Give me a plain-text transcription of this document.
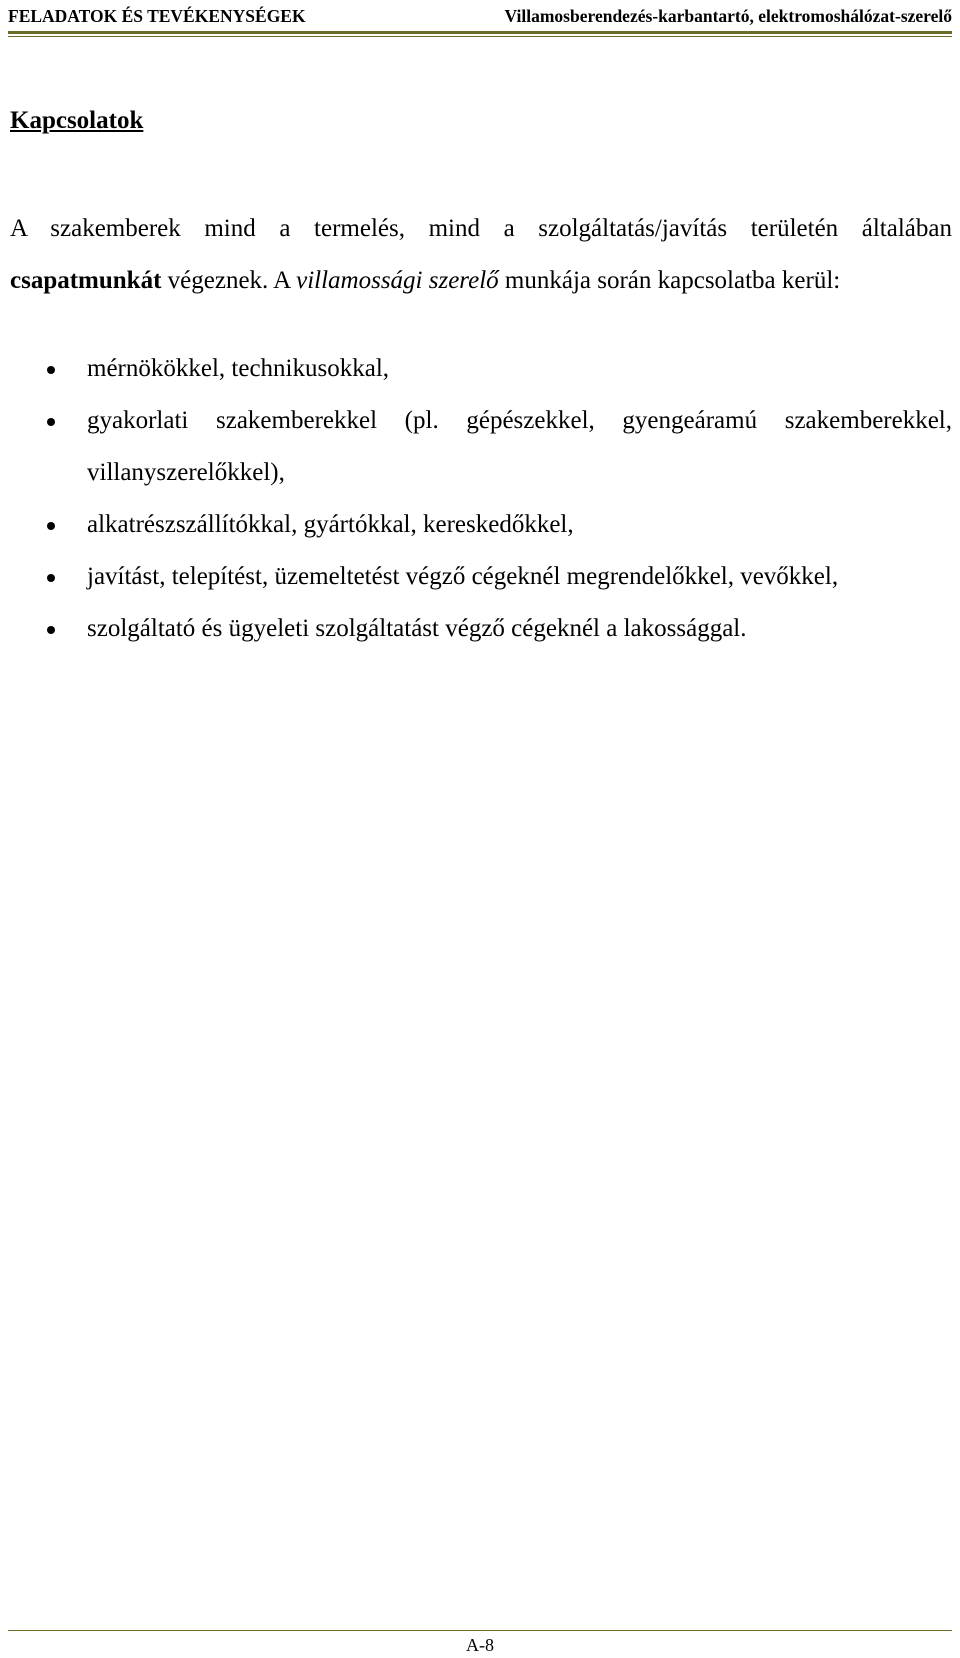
FELADATOK ÉS TEVÉKENYSÉGEK	Villamosberendezés-karbantartó, elektromoshálózat-szerelő
Kapcsolatok

A szakemberek mind a termelés, mind a szolgáltatás/javítás területén általában csapatmunkát végeznek. A villamossági szerelő munkája során kapcsolatba kerül:

mérnökökkel, technikusokkal,
gyakorlati szakemberekkel (pl. gépészekkel, gyengeáramú szakemberekkel, villanyszerelőkkel),
alkatrészszállítókkal, gyártókkal, kereskedőkkel,
javítást, telepítést, üzemeltetést végző cégeknél megrendelőkkel, vevőkkel,
szolgáltató és ügyeleti szolgáltatást végző cégeknél a lakossággal.
A-8
